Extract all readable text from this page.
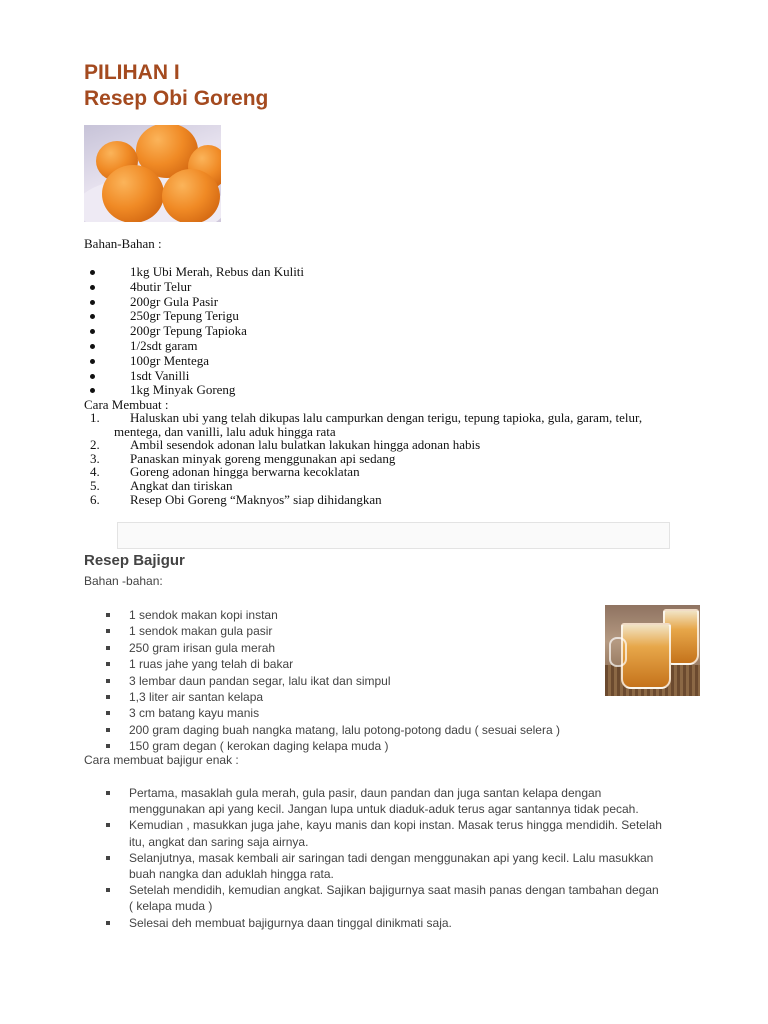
PILIHAN I
Resep Obi Goreng
Bahan-Bahan :
1kg Ubi Merah, Rebus dan Kuliti
4butir Telur
200gr Gula Pasir
250gr Tepung Terigu
200gr Tepung Tapioka
1/2sdt garam
100gr Mentega
1sdt Vanilli
1kg Minyak Goreng
Cara Membuat :
1. Haluskan ubi yang telah dikupas lalu campurkan dengan terigu, tepung tapioka, gula, garam, telur,
mentega, dan vanilli, lalu aduk hingga rata
2. Ambil sesendok adonan lalu bulatkan lakukan hingga adonan habis
3. Panaskan minyak goreng menggunakan api sedang
4. Goreng adonan hingga berwarna kecoklatan
5. Angkat dan tiriskan
6. Resep Obi Goreng “Maknyos” siap dihidangkan
Resep Bajigur
Bahan -bahan:
1 sendok makan kopi instan
1 sendok makan gula pasir
250 gram irisan gula merah
1 ruas jahe yang telah di bakar
3 lembar daun pandan segar, lalu ikat dan simpul
1,3 liter air santan kelapa
3 cm batang kayu manis
200 gram daging buah nangka matang, lalu potong-potong dadu ( sesuai selera )
150 gram degan ( kerokan daging kelapa muda )
Cara membuat bajigur enak :
Pertama, masaklah gula merah, gula pasir, daun pandan dan juga santan kelapa dengan
menggunakan api yang kecil. Jangan lupa untuk diaduk-aduk terus agar santannya tidak pecah.
Kemudian , masukkan juga jahe, kayu manis dan kopi instan. Masak terus hingga mendidih. Setelah
itu, angkat dan saring saja airnya.
Selanjutnya, masak kembali air saringan tadi dengan menggunakan api yang kecil. Lalu masukkan
buah nangka dan aduklah hingga rata.
Setelah mendidih, kemudian angkat. Sajikan bajigurnya saat masih panas dengan tambahan degan
( kelapa muda )
Selesai deh membuat bajigurnya daan tinggal dinikmati saja.
